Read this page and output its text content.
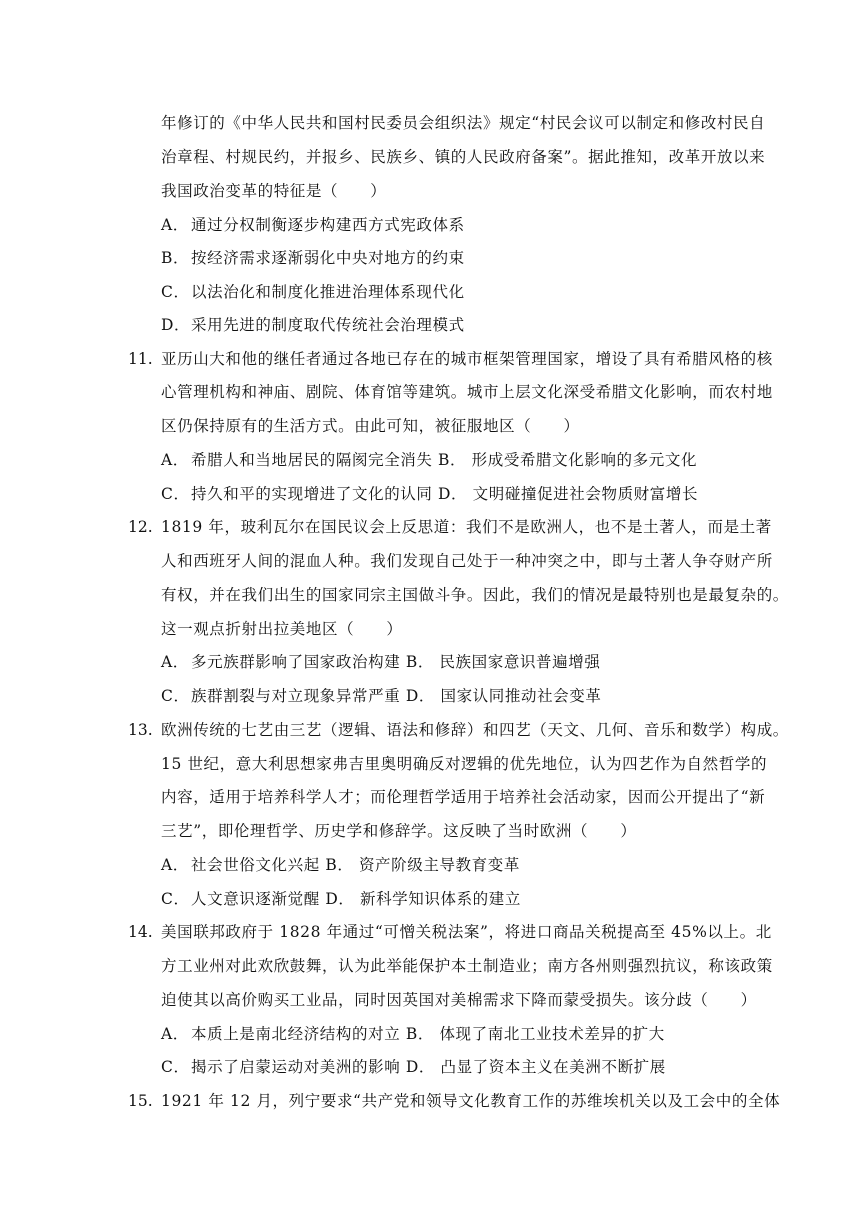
年修订的《中华人民共和国村民委员会组织法》规定“村民会议可以制定和修改村民自
治章程、村规民约，并报乡、民族乡、镇的人民政府备案”。据此推知，改革开放以来
我国政治变革的特征是（　　）
A． 通过分权制衡逐步构建西方式宪政体系
B． 按经济需求逐渐弱化中央对地方的约束
C．以法治化和制度化推进治理体系现代化
D．采用先进的制度取代传统社会治理模式
11. 亚历山大和他的继任者通过各地已存在的城市框架管理国家，增设了具有希腊风格的核
心管理机构和神庙、剧院、体育馆等建筑。城市上层文化深受希腊文化影响，而农村地
区仍保持原有的生活方式。由此可知，被征服地区（　　）
A． 希腊人和当地居民的隔阂完全消失 B． 形成受希腊文化影响的多元文化
C．持久和平的实现增进了文化的认同 D． 文明碰撞促进社会物质财富增长
12. 1819 年，玻利瓦尔在国民议会上反思道：我们不是欧洲人，也不是土著人，而是土著
人和西班牙人间的混血人种。我们发现自己处于一种冲突之中，即与土著人争夺财产所
有权，并在我们出生的国家同宗主国做斗争。因此，我们的情况是最特别也是最复杂的。
这一观点折射出拉美地区（　　）
A． 多元族群影响了国家政治构建 B． 民族国家意识普遍增强
C．族群割裂与对立现象异常严重 D． 国家认同推动社会变革
13. 欧洲传统的七艺由三艺（逻辑、语法和修辞）和四艺（天文、几何、音乐和数学）构成。
15 世纪，意大利思想家弗吉里奥明确反对逻辑的优先地位，认为四艺作为自然哲学的
内容，适用于培养科学人才；而伦理哲学适用于培养社会活动家，因而公开提出了“新
三艺”，即伦理哲学、历史学和修辞学。这反映了当时欧洲（　　）
A． 社会世俗文化兴起 B． 资产阶级主导教育变革
C．人文意识逐渐觉醒 D． 新科学知识体系的建立
14. 美国联邦政府于 1828 年通过“可憎关税法案”，将进口商品关税提高至 45%以上。北
方工业州对此欢欣鼓舞，认为此举能保护本土制造业；南方各州则强烈抗议，称该政策
迫使其以高价购买工业品，同时因英国对美棉需求下降而蒙受损失。该分歧（　　）
A． 本质上是南北经济结构的对立 B． 体现了南北工业技术差异的扩大
C．揭示了启蒙运动对美洲的影响 D． 凸显了资本主义在美洲不断扩展
15. 1921 年 12 月，列宁要求“共产党和领导文化教育工作的苏维埃机关以及工会中的全体
